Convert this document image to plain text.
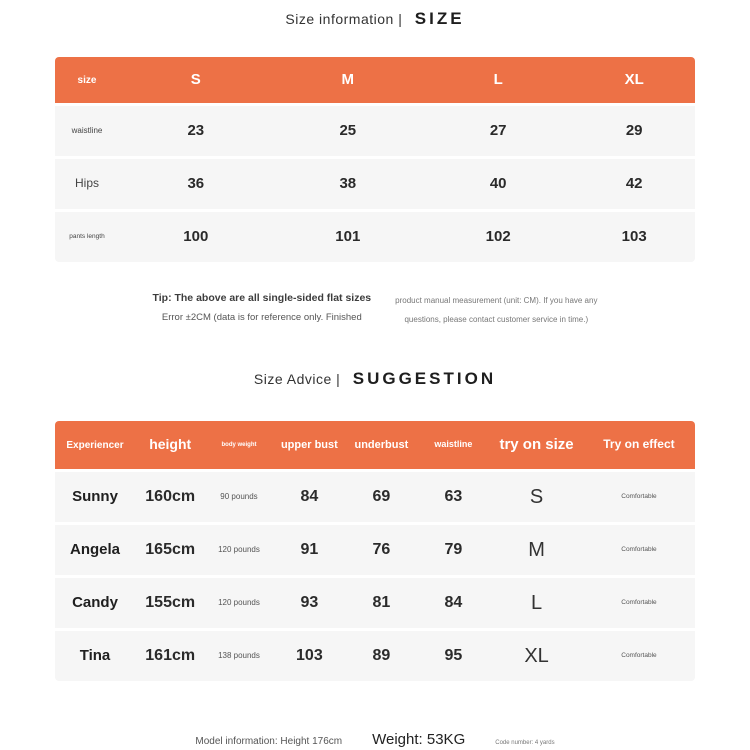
Size information | SIZE
size	S	M	L	XL
waistline	23	25	27	29
Hips	36	38	40	42
pants length	100	101	102	103
Tip: The above are all single-sided flat sizes
Error ±2CM (data is for reference only. Finished
product manual measurement (unit: CM). If you have any
questions, please contact customer service in time.)
Size Advice | SUGGESTION
Experiencer	height	body weight	upper bust	underbust	waistline	try on size	Try on effect
Sunny	160cm	90 pounds	84	69	63	S	Comfortable
Angela	165cm	120 pounds	91	76	79	M	Comfortable
Candy	155cm	120 pounds	93	81	84	L	Comfortable
Tina	161cm	138 pounds	103	89	95	XL	Comfortable
Model information: Height 176cm Weight: 53KG	Code number: 4 yards
